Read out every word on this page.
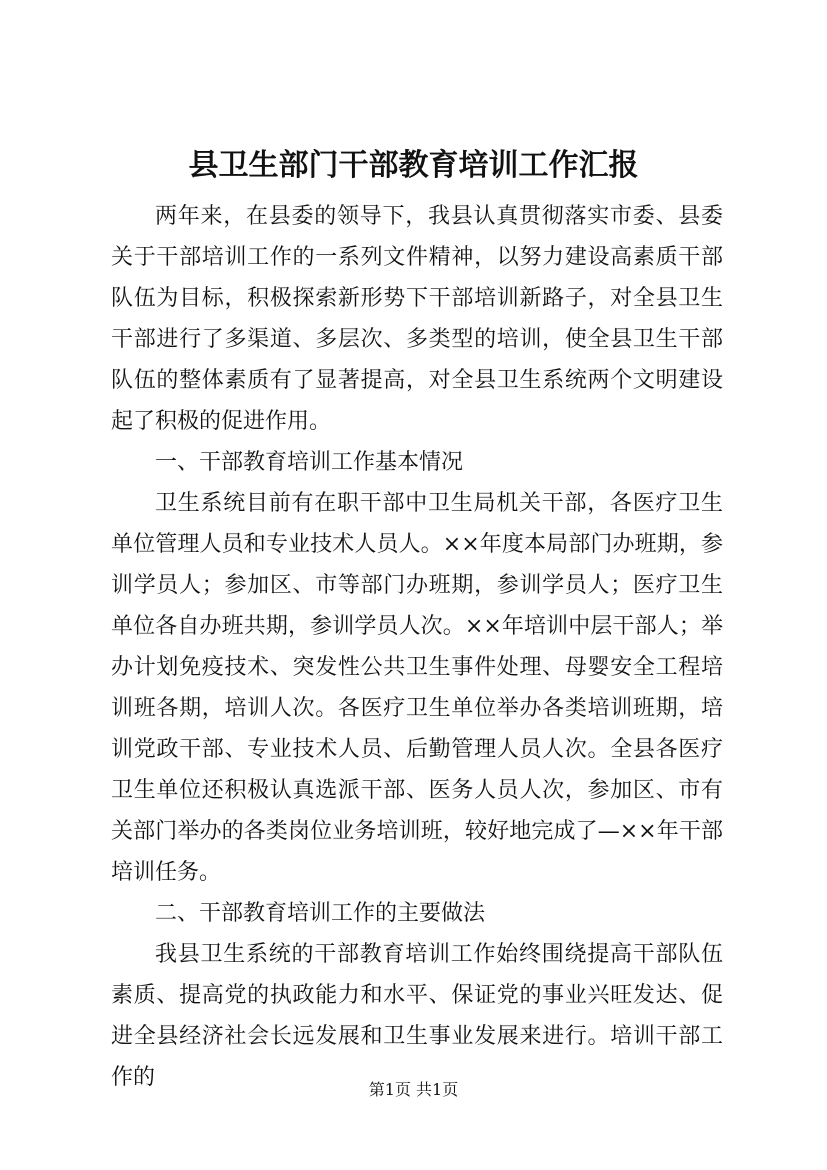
县卫生部门干部教育培训工作汇报

两年来，在县委的领导下，我县认真贯彻落实市委、县委关于干部培训工作的一系列文件精神，以努力建设高素质干部队伍为目标，积极探索新形势下干部培训新路子，对全县卫生干部进行了多渠道、多层次、多类型的培训，使全县卫生干部队伍的整体素质有了显著提高，对全县卫生系统两个文明建设起了积极的促进作用。

一、干部教育培训工作基本情况

卫生系统目前有在职干部中卫生局机关干部，各医疗卫生单位管理人员和专业技术人员人。××年度本局部门办班期，参训学员人；参加区、市等部门办班期，参训学员人；医疗卫生单位各自办班共期，参训学员人次。××年培训中层干部人；举办计划免疫技术、突发性公共卫生事件处理、母婴安全工程培训班各期，培训人次。各医疗卫生单位举办各类培训班期，培训党政干部、专业技术人员、后勤管理人员人次。全县各医疗卫生单位还积极认真选派干部、医务人员人次，参加区、市有关部门举办的各类岗位业务培训班，较好地完成了—××年干部培训任务。

二、干部教育培训工作的主要做法

我县卫生系统的干部教育培训工作始终围绕提高干部队伍素质、提高党的执政能力和水平、保证党的事业兴旺发达、促进全县经济社会长远发展和卫生事业发展来进行。培训干部工作的	第1页 共1页
